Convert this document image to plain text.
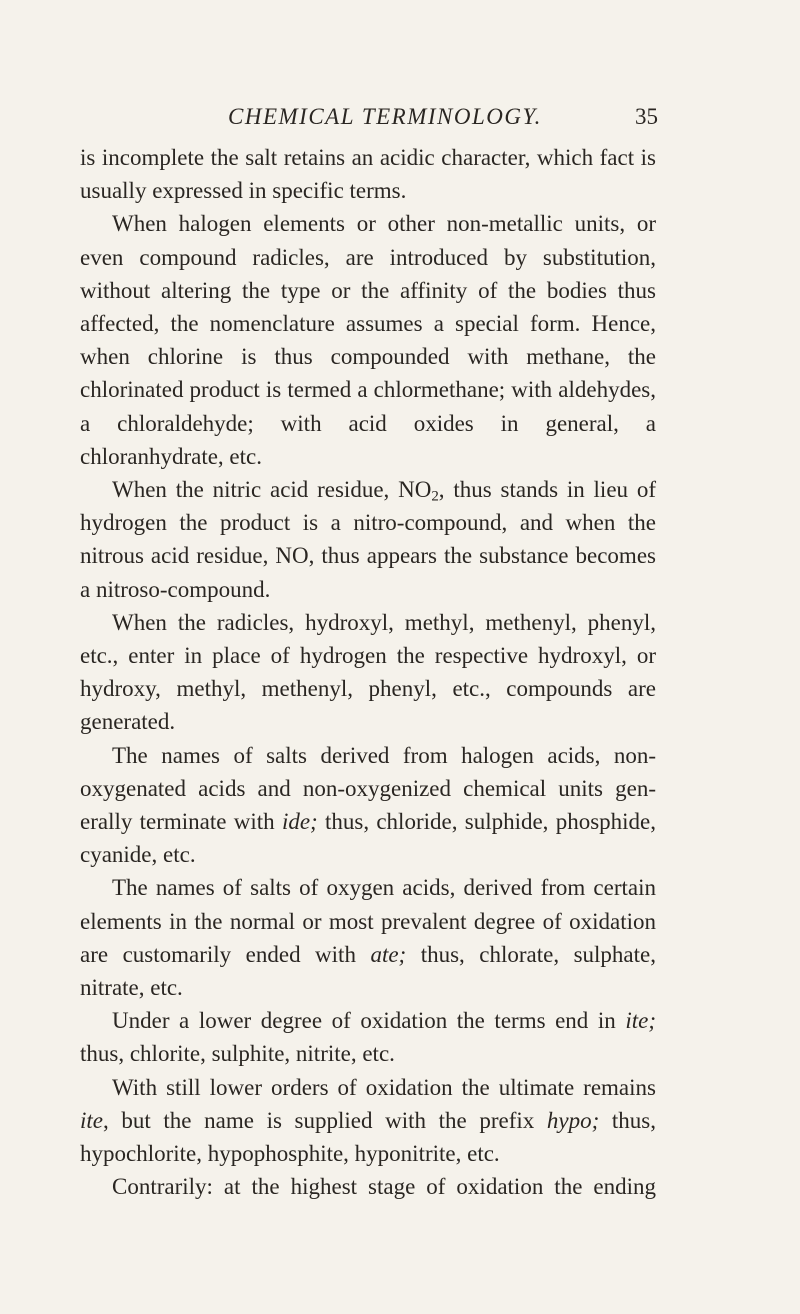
CHEMICAL TERMINOLOGY.	35

is incomplete the salt retains an acidic character, which fact is usually expressed in specific terms.

When halogen elements or other non-metallic units, or even compound radicles, are introduced by substitution, without altering the type or the affinity of the bodies thus affected, the nomenclature assumes a special form. Hence, when chlorine is thus compounded with methane, the chlorinated product is termed a chlormethane; with aldehydes, a chloraldehyde; with acid oxides in general, a chloranhydrate, etc.

When the nitric acid residue, $NO_2$, thus stands in lieu of hydrogen the product is a nitro-compound, and when the nitrous acid residue, NO, thus appears the substance becomes a nitroso-compound.

When the radicles, hydroxyl, methyl, methenyl, phenyl, etc., enter in place of hydrogen the respective hydroxyl, or hydroxy, methyl, methenyl, phenyl, etc., compounds are generated.

The names of salts derived from halogen acids, non-oxygenated acids and non-oxygenized chemical units generally terminate with ide; thus, chloride, sulphide, phosphide, cyanide, etc.

The names of salts of oxygen acids, derived from certain elements in the normal or most prevalent degree of oxidation are customarily ended with ate; thus, chlorate, sulphate, nitrate, etc.

Under a lower degree of oxidation the terms end in ite; thus, chlorite, sulphite, nitrite, etc.

With still lower orders of oxidation the ultimate remains ite, but the name is supplied with the prefix hypo; thus, hypochlorite, hypophosphite, hyponitrite, etc.

Contrarily: at the highest stage of oxidation the ending
